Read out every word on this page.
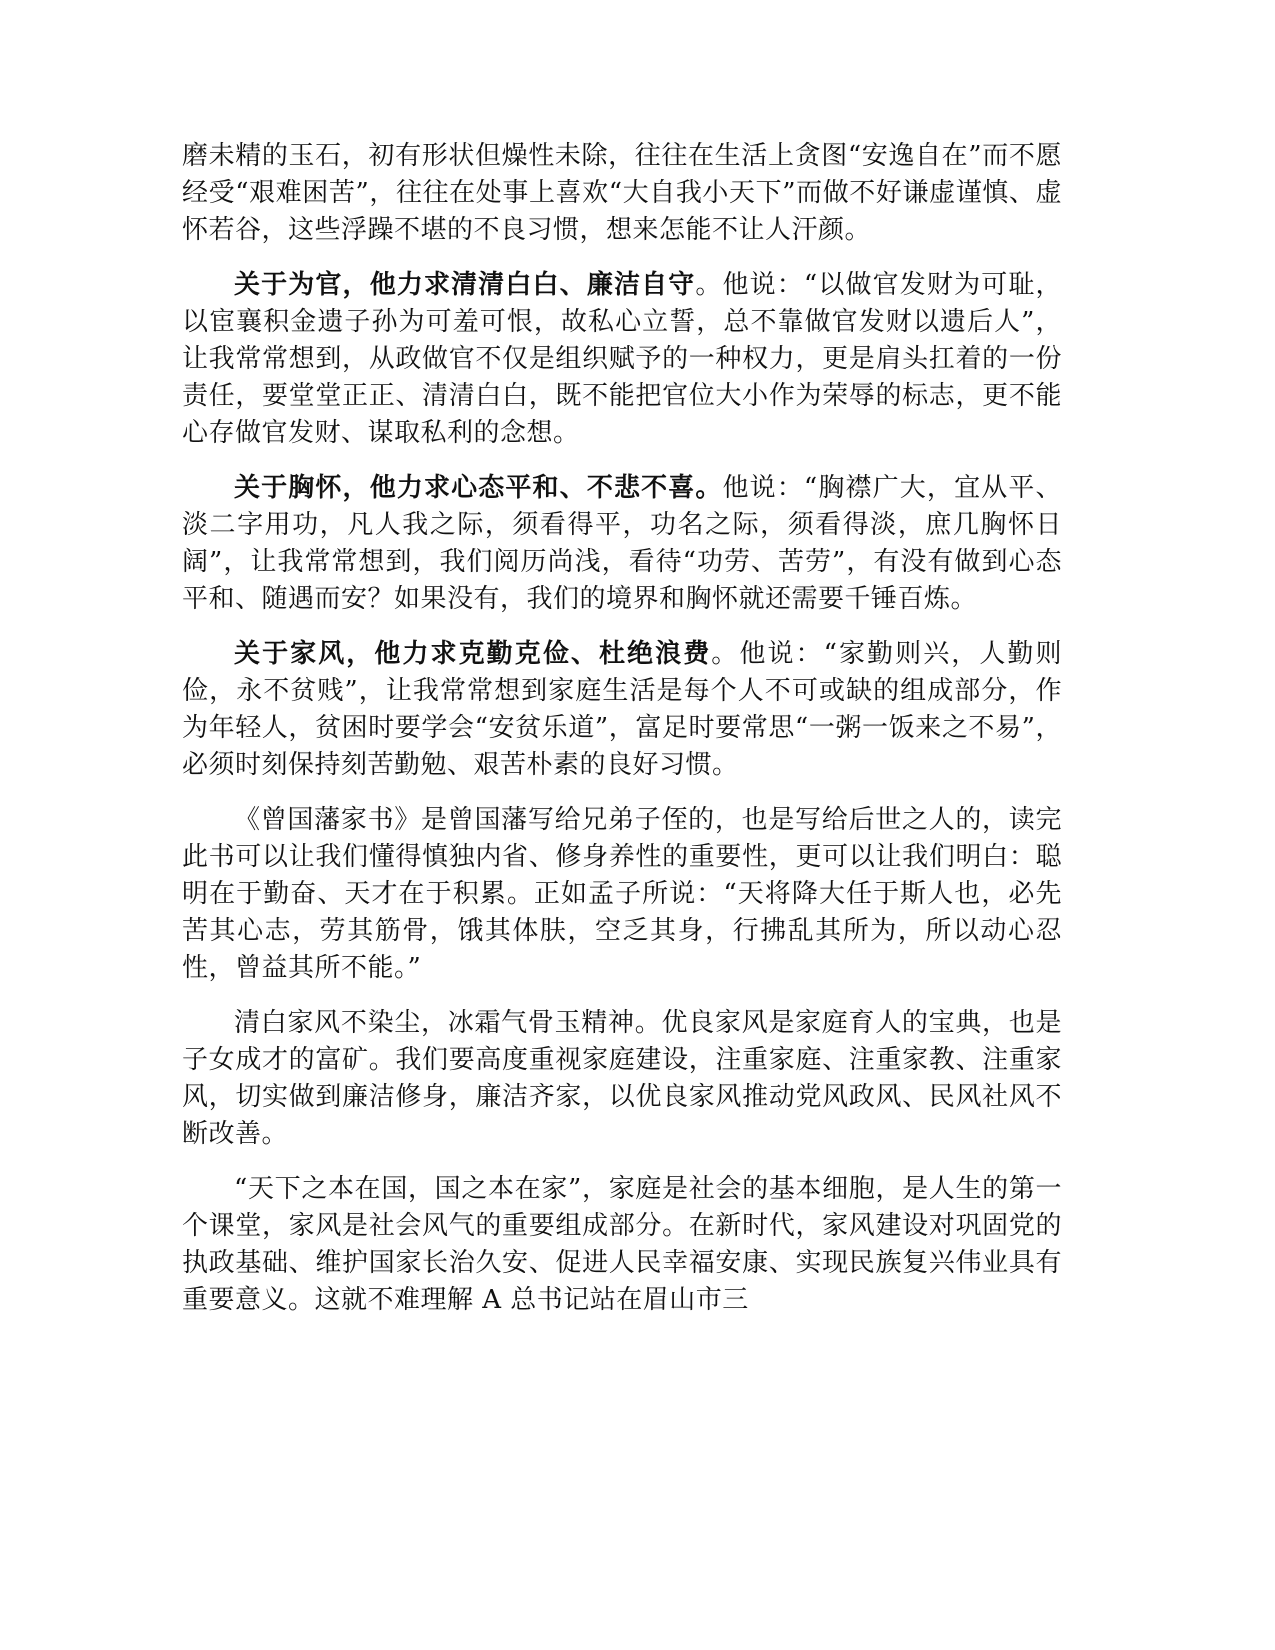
磨未精的玉石，初有形状但燥性未除，往往在生活上贪图“安逸自在”而不愿经受“艰难困苦”，往往在处事上喜欢“大自我小天下”而做不好谦虚谨慎、虚怀若谷，这些浮躁不堪的不良习惯，想来怎能不让人汗颜。

关于为官，他力求清清白白、廉洁自守。他说：“以做官发财为可耻，以宦襄积金遗子孙为可羞可恨，故私心立誓，总不靠做官发财以遗后人”，让我常常想到，从政做官不仅是组织赋予的一种权力，更是肩头扛着的一份责任，要堂堂正正、清清白白，既不能把官位大小作为荣辱的标志，更不能心存做官发财、谋取私利的念想。

关于胸怀，他力求心态平和、不悲不喜。他说：“胸襟广大，宜从平、淡二字用功，凡人我之际，须看得平，功名之际，须看得淡，庶几胸怀日阔”，让我常常想到，我们阅历尚浅，看待“功劳、苦劳”，有没有做到心态平和、随遇而安？如果没有，我们的境界和胸怀就还需要千锤百炼。

关于家风，他力求克勤克俭、杜绝浪费。他说：“家勤则兴，人勤则俭，永不贫贱”，让我常常想到家庭生活是每个人不可或缺的组成部分，作为年轻人，贫困时要学会“安贫乐道”，富足时要常思“一粥一饭来之不易”，必须时刻保持刻苦勤勉、艰苦朴素的良好习惯。

《曾国藩家书》是曾国藩写给兄弟子侄的，也是写给后世之人的，读完此书可以让我们懂得慎独内省、修身养性的重要性，更可以让我们明白：聪明在于勤奋、天才在于积累。正如孟子所说：“天将降大任于斯人也，必先苦其心志，劳其筋骨，饿其体肤，空乏其身，行拂乱其所为，所以动心忍性，曾益其所不能。”

清白家风不染尘，冰霜气骨玉精神。优良家风是家庭育人的宝典，也是子女成才的富矿。我们要高度重视家庭建设，注重家庭、注重家教、注重家风，切实做到廉洁修身，廉洁齐家，以优良家风推动党风政风、民风社风不断改善。

“天下之本在国，国之本在家”，家庭是社会的基本细胞，是人生的第一个课堂，家风是社会风气的重要组成部分。在新时代，家风建设对巩固党的执政基础、维护国家长治久安、促进人民幸福安康、实现民族复兴伟业具有重要意义。这就不难理解 A 总书记站在眉山市三
